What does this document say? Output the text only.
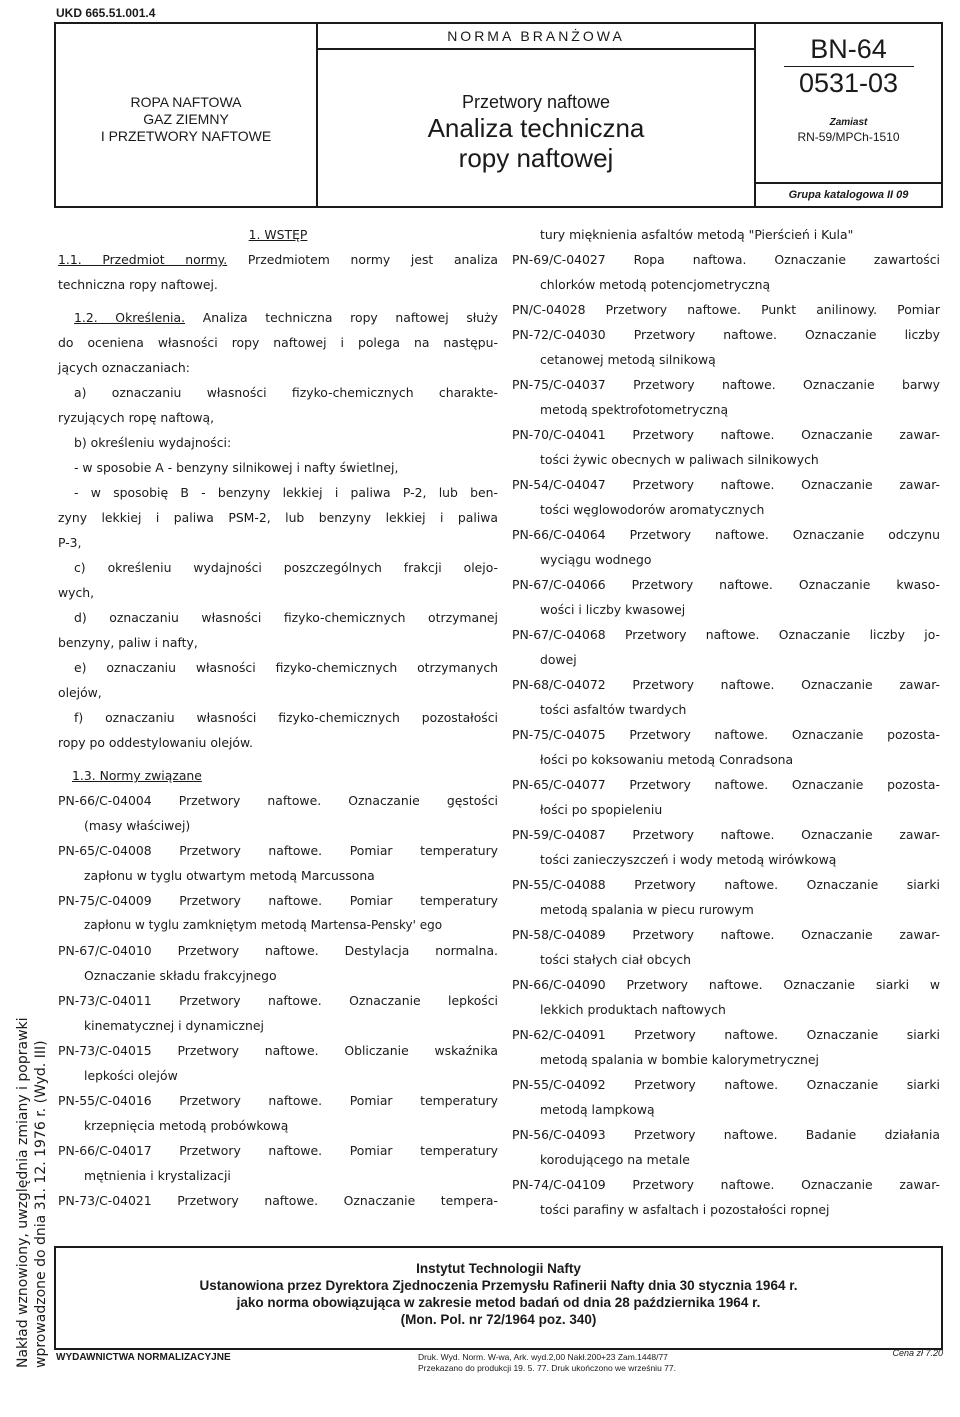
UKD 665.51.001.4
ROPA NAFTOWA
GAZ ZIEMNY
I PRZETWORY NAFTOWE
NORMA BRANŻOWA
Przetwory naftowe
Analiza techniczna
ropy naftowej
BN-64
0531-03
Zamiast
RN-59/MPCh-1510
Grupa katalogowa II 09

1. WSTĘP

1.1. Przedmiot normy. Przedmiotem normy jest analiza

techniczna ropy naftowej.

1.2. Określenia. Analiza techniczna ropy naftowej służy

do oceniena własności ropy naftowej i polega na następu-

jących oznaczaniach:

a) oznaczaniu własności fizyko-chemicznych charakte-

ryzujących ropę naftową,

b) określeniu wydajności:

- w sposobie A - benzyny silnikowej i nafty świetlnej,

- w sposobię B - benzyny lekkiej i paliwa P-2, lub ben-

zyny lekkiej i paliwa PSM-2, lub benzyny lekkiej i paliwa

P-3,

c) określeniu wydajności poszczególnych frakcji olejo-

wych,

d) oznaczaniu własności fizyko-chemicznych otrzymanej

benzyny, paliw i nafty,

e) oznaczaniu własności fizyko-chemicznych otrzymanych

olejów,

f) oznaczaniu własności fizyko-chemicznych pozostałości

ropy po oddestylowaniu olejów.

1.3. Normy związane

PN-66/C-04004 Przetwory naftowe. Oznaczanie gęstości

(masy właściwej)

PN-65/C-04008 Przetwory naftowe. Pomiar temperatury

zapłonu w tyglu otwartym metodą Marcussona

PN-75/C-04009 Przetwory naftowe. Pomiar temperatury

zapłonu w tyglu zamkniętym metodą Martensa-Pensky' ego

PN-67/C-04010 Przetwory naftowe. Destylacja normalna.

Oznaczanie składu frakcyjnego

PN-73/C-04011 Przetwory naftowe. Oznaczanie lepkości

kinematycznej i dynamicznej

PN-73/C-04015 Przetwory naftowe. Obliczanie wskaźnika

lepkości olejów

PN-55/C-04016 Przetwory naftowe. Pomiar temperatury

krzepnięcia metodą probówkową

PN-66/C-04017 Przetwory naftowe. Pomiar temperatury

mętnienia i krystalizacji

PN-73/C-04021 Przetwory naftowe. Oznaczanie tempera-

tury mięknienia asfaltów metodą "Pierścień i Kula"

PN-69/C-04027 Ropa naftowa. Oznaczanie zawartości

chlorków metodą potencjometryczną

PN/C-04028 Przetwory naftowe. Punkt anilinowy. Pomiar

PN-72/C-04030 Przetwory naftowe. Oznaczanie liczby

cetanowej metodą silnikową

PN-75/C-04037 Przetwory naftowe. Oznaczanie barwy

metodą spektrofotometryczną

PN-70/C-04041 Przetwory naftowe. Oznaczanie zawar-

tości żywic obecnych w paliwach silnikowych

PN-54/C-04047 Przetwory naftowe. Oznaczanie zawar-

tości węglowodorów aromatycznych

PN-66/C-04064 Przetwory naftowe. Oznaczanie odczynu

wyciągu wodnego

PN-67/C-04066 Przetwory naftowe. Oznaczanie kwaso-

wości i liczby kwasowej

PN-67/C-04068 Przetwory naftowe. Oznaczanie liczby jo-

dowej

PN-68/C-04072 Przetwory naftowe. Oznaczanie zawar-

tości asfaltów twardych

PN-75/C-04075 Przetwory naftowe. Oznaczanie pozosta-

łości po koksowaniu metodą Conradsona

PN-65/C-04077 Przetwory naftowe. Oznaczanie pozosta-

łości po spopieleniu

PN-59/C-04087 Przetwory naftowe. Oznaczanie zawar-

tości zanieczyszczeń i wody metodą wirówkową

PN-55/C-04088 Przetwory naftowe. Oznaczanie siarki

metodą spalania w piecu rurowym

PN-58/C-04089 Przetwory naftowe. Oznaczanie zawar-

tości stałych ciał obcych

PN-66/C-04090 Przetwory naftowe. Oznaczanie siarki w

lekkich produktach naftowych

PN-62/C-04091 Przetwory naftowe. Oznaczanie siarki

metodą spalania w bombie kalorymetrycznej

PN-55/C-04092 Przetwory naftowe. Oznaczanie siarki

metodą lampkową

PN-56/C-04093 Przetwory naftowe. Badanie działania

korodującego na metale

PN-74/C-04109 Przetwory naftowe. Oznaczanie zawar-

tości parafiny w asfaltach i pozostałości ropnej

Instytut Technologii Nafty
Ustanowiona przez Dyrektora Zjednoczenia Przemysłu Rafinerii Nafty dnia 30 stycznia 1964 r.
jako norma obowiązująca w zakresie metod badań od dnia 28 października 1964 r.
(Mon. Pol. nr 72/1964 poz. 340)
WYDAWNICTWA NORMALIZACYJNE	Druk. Wyd. Norm. W-wa, Ark. wyd.2,00 Nakł.200+23 Zam.1448/77
Przekazano do produkcji 19. 5. 77. Druk ukończono we wrześniu 77.
Cena zł 7.20
Nakład wznowiony, uwzględnia zmiany i poprawki wprowadzone do dnia 31. 12. 1976 r. (Wyd. III)
